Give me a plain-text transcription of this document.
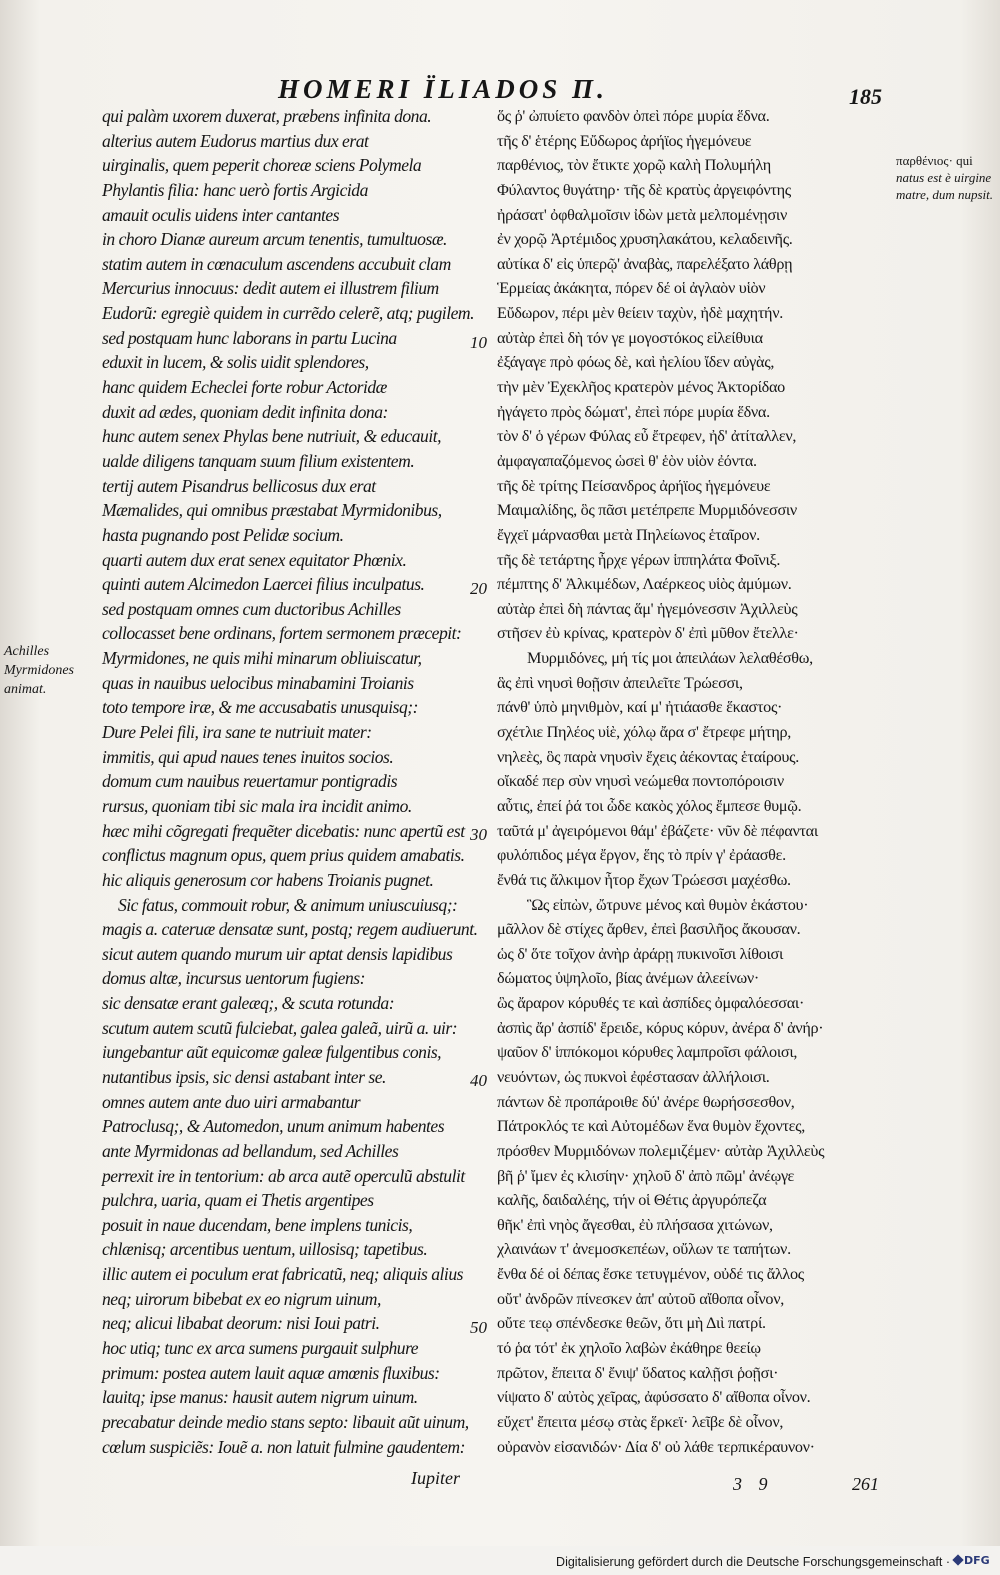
HOMERI ÏLIADOS Π.	185
qui palàm uxorem duxerat, præbens infinita dona.
alterius autem Eudorus martius dux erat
uirginalis, quem peperit choreæ sciens Polymela
Phylantis filia: hanc uerò fortis Argicida
amauit oculis uidens inter cantantes
in choro Dianæ aureum arcum tenentis, tumultuosæ.
statim autem in cœnaculum ascendens accubuit clam
Mercurius innocuus: dedit autem ei illustrem filium
Eudorũ: egregiè quidem in currẽdo celerẽ, atq; pugilem.
sed postquam hunc laborans in partu Lucina
eduxit in lucem, & solis uidit splendores,
hanc quidem Echeclei forte robur Actoridæ
duxit ad ædes, quoniam dedit infinita dona:
hunc autem senex Phylas bene nutriuit, & educauit,
ualde diligens tanquam suum filium existentem.
tertij autem Pisandrus bellicosus dux erat
Mæmalides, qui omnibus præstabat Myrmidonibus,
hasta pugnando post Pelidæ socium.
quarti autem dux erat senex equitator Phœnix.
quinti autem Alcimedon Laercei filius inculpatus.
sed postquam omnes cum ductoribus Achilles
collocasset bene ordinans, fortem sermonem præcepit:
Myrmidones, ne quis mihi minarum obliuiscatur,
quas in nauibus uelocibus minabamini Troianis
toto tempore iræ, & me accusabatis unusquisq;:
Dure Pelei fili, ira sane te nutriuit mater:
immitis, qui apud naues tenes inuitos socios.
domum cum nauibus reuertamur pontigradis
rursus, quoniam tibi sic mala ira incidit animo.
hæc mihi cõgregati frequẽter dicebatis: nunc apertũ est
conflictus magnum opus, quem prius quidem amabatis.
hic aliquis generosum cor habens Troianis pugnet.
Sic fatus, commouit robur, & animum uniuscuiusq;:
magis a. cateruæ densatæ sunt, postq; regem audiuerunt.
sicut autem quando murum uir aptat densis lapidibus
domus altæ, incursus uentorum fugiens:
sic densatæ erant galeæq;, & scuta rotunda:
scutum autem scutũ fulciebat, galea galeã, uirũ a. uir:
iungebantur aũt equicomæ galeæ fulgentibus conis,
nutantibus ipsis, sic densi astabant inter se.
omnes autem ante duo uiri armabantur
Patroclusq;, & Automedon, unum animum habentes
ante Myrmidonas ad bellandum, sed Achilles
perrexit ire in tentorium: ab arca autẽ operculũ abstulit
pulchra, uaria, quam ei Thetis argentipes
posuit in naue ducendam, bene implens tunicis,
chlænisq; arcentibus uentum, uillosisq; tapetibus.
illic autem ei poculum erat fabricatũ, neq; aliquis alius
neq; uirorum bibebat ex eo nigrum uinum,
neq; alicui libabat deorum: nisi Ioui patri.
hoc utiq; tunc ex arca sumens purgauit sulphure
primum: postea autem lauit aquæ amœnis fluxibus:
lauitq; ipse manus: hausit autem nigrum uinum.
precabatur deinde medio stans septo: libauit aũt uinum,
cœlum suspiciẽs: Iouẽ a. non latuit fulmine gaudentem:
ὅς ῥ' ὠπυίετο φανδὸν ὀπεὶ πόρε μυρία ἕδνα.
τῆς δ' ἑτέρης Εὔδωρος ἀρήϊος ἡγεμόνευε
παρθένιος, τὸν ἔτικτε χορῷ καλὴ Πολυμήλη
Φύλαντος θυγάτηρ· τῆς δὲ κρατὺς ἀργειφόντης
ἠράσατ' ὀφθαλμοῖσιν ἰδὼν μετὰ μελπομένῃσιν
ἐν χορῷ Ἀρτέμιδος χρυσηλακάτου, κελαδεινῆς.
αὐτίκα δ' εἰς ὑπερῷ' ἀναβὰς, παρελέξατο λάθρῃ
Ἑρμείας ἀκάκητα, πόρεν δέ οἱ ἀγλαὸν υἱὸν
Εὔδωρον, πέρι μὲν θείειν ταχὺν, ἠδὲ μαχητήν.
αὐτὰρ ἐπεὶ δὴ τόν γε μογοστόκος εἰλείθυια
ἐξάγαγε πρὸ φόως δὲ, καὶ ἠελίου ἴδεν αὐγὰς,
τὴν μὲν Ἐχεκλῆος κρατερὸν μένος Ἀκτορίδαο
ἠγάγετο πρὸς δώματ', ἐπεὶ πόρε μυρία ἕδνα.
τὸν δ' ὁ γέρων Φύλας εὖ ἔτρεφεν, ἠδ' ἀτίταλλεν,
ἀμφαγαπαζόμενος ὡσεὶ θ' ἑὸν υἱὸν ἐόντα.
τῆς δὲ τρίτης Πείσανδρος ἀρήϊος ἡγεμόνευε
Μαιμαλίδης, ὃς πᾶσι μετέπρεπε Μυρμιδόνεσσιν
ἔγχεϊ μάρνασθαι μετὰ Πηλείωνος ἑταῖρον.
τῆς δὲ τετάρτης ἦρχε γέρων ἱππηλάτα Φοῖνιξ.
πέμπτης δ' Ἀλκιμέδων, Λαέρκεος υἱὸς ἀμύμων.
αὐτὰρ ἐπεὶ δὴ πάντας ἅμ' ἡγεμόνεσσιν Ἀχιλλεὺς
στῆσεν ἐὺ κρίνας, κρατερὸν δ' ἐπὶ μῦθον ἔτελλε·
Μυρμιδόνες, μή τίς μοι ἀπειλάων λελαθέσθω,
ἃς ἐπὶ νηυσὶ θοῇσιν ἀπειλεῖτε Τρώεσσι,
πάνθ' ὑπὸ μηνιθμὸν, καί μ' ἠτιάασθε ἕκαστος·
σχέτλιε Πηλέος υἱὲ, χόλῳ ἄρα σ' ἔτρεφε μήτηρ,
νηλεὲς, ὃς παρὰ νηυσὶν ἔχεις ἀέκοντας ἑταίρους.
οἴκαδέ περ σὺν νηυσὶ νεώμεθα ποντοπόροισιν
αὖτις, ἐπεί ῥά τοι ὧδε κακὸς χόλος ἔμπεσε θυμῷ.
ταῦτά μ' ἀγειρόμενοι θάμ' ἐβάζετε· νῦν δὲ πέφανται
φυλόπιδος μέγα ἔργον, ἕης τὸ πρίν γ' ἐράασθε.
ἔνθά τις ἄλκιμον ἦτορ ἔχων Τρώεσσι μαχέσθω.
Ὣς εἰπὼν, ὤτρυνε μένος καὶ θυμὸν ἑκάστου·
μᾶλλον δὲ στίχες ἄρθεν, ἐπεὶ βασιλῆος ἄκουσαν.
ὡς δ' ὅτε τοῖχον ἀνὴρ ἀράρῃ πυκινοῖσι λίθοισι
δώματος ὑψηλοῖο, βίας ἀνέμων ἀλεείνων·
ὣς ἄραρον κόρυθές τε καὶ ἀσπίδες ὀμφαλόεσσαι·
ἀσπὶς ἄρ' ἀσπίδ' ἔρειδε, κόρυς κόρυν, ἀνέρα δ' ἀνήρ·
ψαῦον δ' ἱππόκομοι κόρυθες λαμπροῖσι φάλοισι,
νευόντων, ὡς πυκνοὶ ἐφέστασαν ἀλλήλοισι.
πάντων δὲ προπάροιθε δύ' ἀνέρε θωρήσσεσθον,
Πάτροκλός τε καὶ Αὐτομέδων ἕνα θυμὸν ἔχοντες,
πρόσθεν Μυρμιδόνων πολεμιζέμεν· αὐτὰρ Ἀχιλλεὺς
βῆ ῥ' ἴμεν ἐς κλισίην· χηλοῦ δ' ἀπὸ πῶμ' ἀνέῳγε
καλῆς, δαιδαλέης, τήν οἱ Θέτις ἀργυρόπεζα
θῆκ' ἐπὶ νηὸς ἄγεσθαι, ἐὺ πλήσασα χιτώνων,
χλαινάων τ' ἀνεμοσκεπέων, οὔλων τε ταπήτων.
ἔνθα δέ οἱ δέπας ἔσκε τετυγμένον, οὐδέ τις ἄλλος
οὔτ' ἀνδρῶν πίνεσκεν ἀπ' αὐτοῦ αἴθοπα οἶνον,
οὔτε τεῳ σπένδεσκε θεῶν, ὅτι μὴ Διὶ πατρί.
τό ῥα τότ' ἐκ χηλοῖο λαβὼν ἐκάθηρε θεείῳ
πρῶτον, ἔπειτα δ' ἔνιψ' ὕδατος καλῇσι ῥοῇσι·
νίψατο δ' αὐτὸς χεῖρας, ἀφύσσατο δ' αἴθοπα οἶνον.
εὔχετ' ἔπειτα μέσῳ στὰς ἕρκεϊ· λεῖβε δὲ οἶνον,
οὐρανὸν εἰσανιδών· Δία δ' οὐ λάθε τερπικέραυνον·
10
20
30
40
50
Achilles Myrmidones animat.
παρθένιος· qui
natus est è uirgine matre, dum nupsit.
Iupiter	3 9	261
Digitalisierung gefördert durch die Deutsche Forschungsgemeinschaft ·	DFG
